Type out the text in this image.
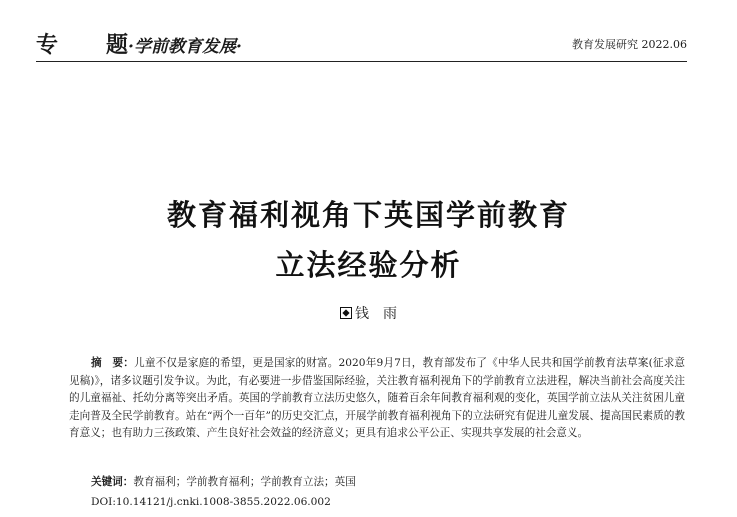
专 题·学前教育发展·	教育发展研究 2022.06
教育福利视角下英国学前教育
立法经验分析
钱　雨

摘　要：儿童不仅是家庭的希望，更是国家的财富。2020年9月7日，教育部发布了《中华人民共和国学前教育法草案(征求意见稿)》，诸多议题引发争议。为此，有必要进一步借鉴国际经验，关注教育福利视角下的学前教育立法进程，解决当前社会高度关注的儿童福祉、托幼分离等突出矛盾。英国的学前教育立法历史悠久，随着百余年间教育福利观的变化，英国学前立法从关注贫困儿童走向普及全民学前教育。站在“两个一百年”的历史交汇点，开展学前教育福利视角下的立法研究有促进儿童发展、提高国民素质的教育意义；也有助力三孩政策、产生良好社会效益的经济意义；更具有追求公平公正、实现共享发展的社会意义。

关键词：教育福利；学前教育福利；学前教育立法；英国
DOI:10.14121/j.cnki.1008-3855.2022.06.002
